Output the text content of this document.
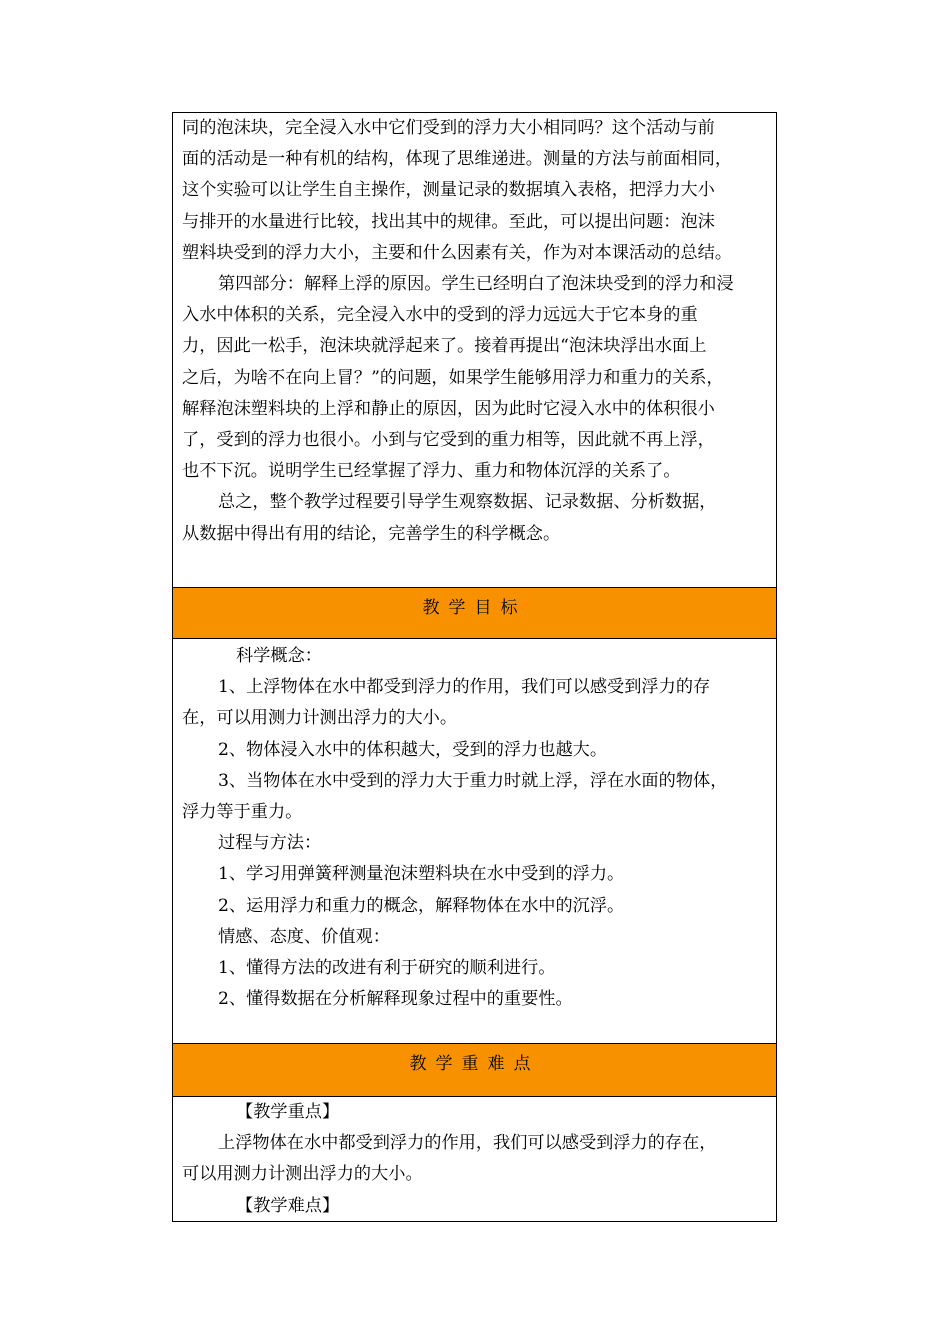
同的泡沫块，完全浸入水中它们受到的浮力大小相同吗？这个活动与前

面的活动是一种有机的结构，体现了思维递进。测量的方法与前面相同，

这个实验可以让学生自主操作，测量记录的数据填入表格，把浮力大小

与排开的水量进行比较，找出其中的规律。至此，可以提出问题：泡沫

塑料块受到的浮力大小，主要和什么因素有关，作为对本课活动的总结。

第四部分：解释上浮的原因。学生已经明白了泡沫块受到的浮力和浸

入水中体积的关系，完全浸入水中的受到的浮力远远大于它本身的重

力，因此一松手，泡沫块就浮起来了。接着再提出“泡沫块浮出水面上

之后，为啥不在向上冒？”的问题，如果学生能够用浮力和重力的关系，

解释泡沫塑料块的上浮和静止的原因，因为此时它浸入水中的体积很小

了，受到的浮力也很小。小到与它受到的重力相等，因此就不再上浮，

也不下沉。说明学生已经掌握了浮力、重力和物体沉浮的关系了。

总之，整个教学过程要引导学生观察数据、记录数据、分析数据，

从数据中得出有用的结论，完善学生的科学概念。

教学目标

科学概念：

1、上浮物体在水中都受到浮力的作用，我们可以感受到浮力的存

在，可以用测力计测出浮力的大小。

2、物体浸入水中的体积越大，受到的浮力也越大。

3、当物体在水中受到的浮力大于重力时就上浮，浮在水面的物体，

浮力等于重力。

过程与方法：

1、学习用弹簧秤测量泡沫塑料块在水中受到的浮力。

2、运用浮力和重力的概念，解释物体在水中的沉浮。

情感、态度、价值观：

1、懂得方法的改进有利于研究的顺利进行。

2、懂得数据在分析解释现象过程中的重要性。

教学重难点

【教学重点】

上浮物体在水中都受到浮力的作用，我们可以感受到浮力的存在，

可以用测力计测出浮力的大小。

【教学难点】
